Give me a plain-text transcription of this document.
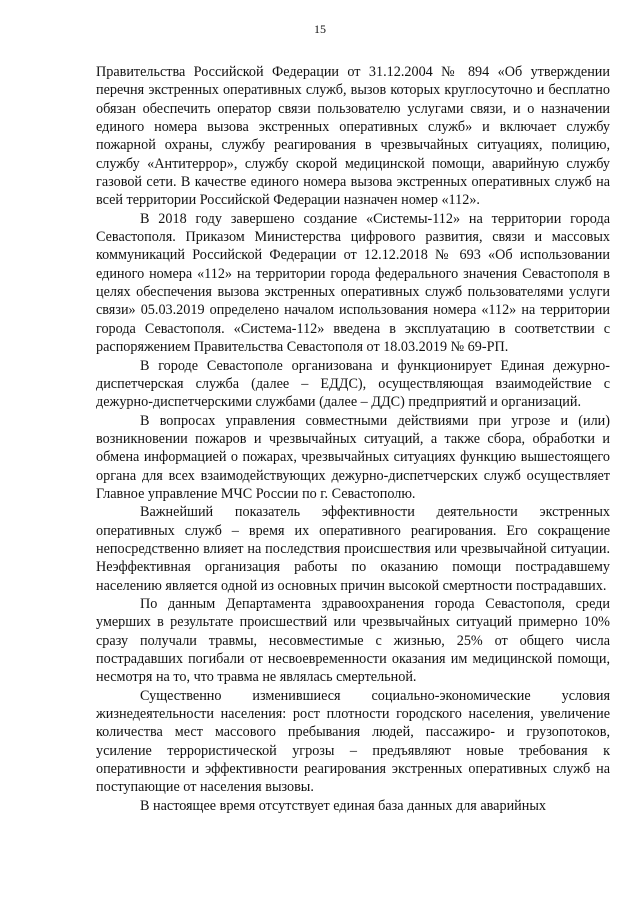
15

Правительства Российской Федерации от 31.12.2004 № 894 «Об утверждении перечня экстренных оперативных служб, вызов которых круглосуточно и бесплатно обязан обеспечить оператор связи пользователю услугами связи, и о назначении единого номера вызова экстренных оперативных служб» и включает службу пожарной охраны, службу реагирования в чрезвычайных ситуациях, полицию, службу «Антитеррор», службу скорой медицинской помощи, аварийную службу газовой сети. В качестве единого номера вызова экстренных оперативных служб на всей территории Российской Федерации назначен номер «112».

В 2018 году завершено создание «Системы-112» на территории города Севастополя. Приказом Министерства цифрового развития, связи и массовых коммуникаций Российской Федерации от 12.12.2018 № 693 «Об использовании единого номера «112» на территории города федерального значения Севастополя в целях обеспечения вызова экстренных оперативных служб пользователями услуги связи» 05.03.2019 определено началом использования номера «112» на территории города Севастополя. «Система-112» введена в эксплуатацию в соответствии с распоряжением Правительства Севастополя от 18.03.2019 № 69-РП.

В городе Севастополе организована и функционирует Единая дежурно-диспетчерская служба (далее – ЕДДС), осуществляющая взаимодействие с дежурно-диспетчерскими службами (далее – ДДС) предприятий и организаций.

В вопросах управления совместными действиями при угрозе и (или) возникновении пожаров и чрезвычайных ситуаций, а также сбора, обработки и обмена информацией о пожарах, чрезвычайных ситуациях функцию вышестоящего органа для всех взаимодействующих дежурно-диспетчерских служб осуществляет Главное управление МЧС России по г. Севастополю.

Важнейший показатель эффективности деятельности экстренных оперативных служб – время их оперативного реагирования. Его сокращение непосредственно влияет на последствия происшествия или чрезвычайной ситуации. Неэффективная организация работы по оказанию помощи пострадавшему населению является одной из основных причин высокой смертности пострадавших.

По данным Департамента здравоохранения города Севастополя, среди умерших в результате происшествий или чрезвычайных ситуаций примерно 10% сразу получали травмы, несовместимые с жизнью, 25% от общего числа пострадавших погибали от несвоевременности оказания им медицинской помощи, несмотря на то, что травма не являлась смертельной.

Существенно изменившиеся социально-экономические условия жизнедеятельности населения: рост плотности городского населения, увеличение количества мест массового пребывания людей, пассажиро- и грузопотоков, усиление террористической угрозы – предъявляют новые требования к оперативности и эффективности реагирования экстренных оперативных служб на поступающие от населения вызовы.

В настоящее время отсутствует единая база данных для аварийных
